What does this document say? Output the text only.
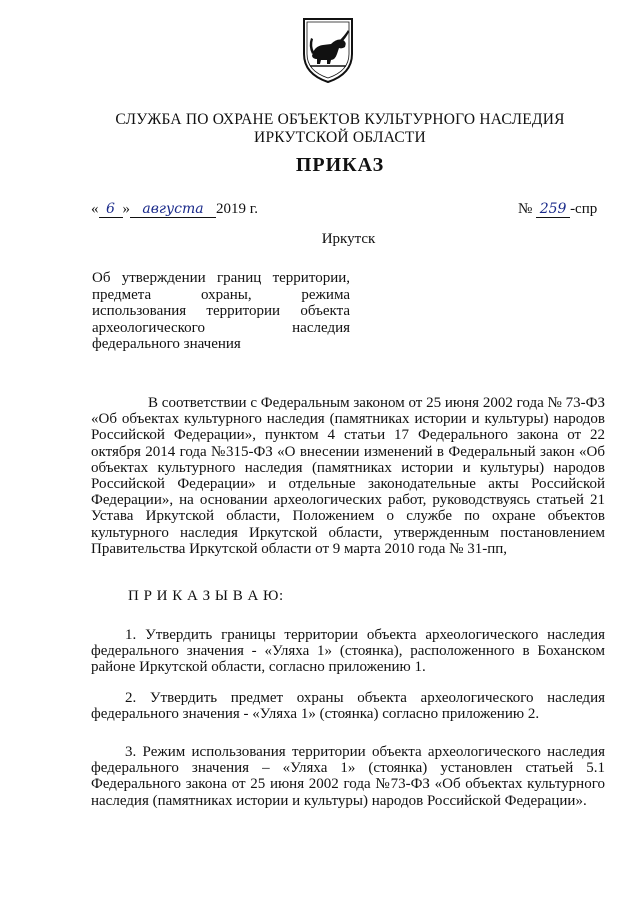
СЛУЖБА ПО ОХРАНЕ ОБЪЕКТОВ КУЛЬТУРНОГО НАСЛЕДИЯ
ИРКУТСКОЙ ОБЛАСТИ
ПРИКАЗ
« 6 » августа 2019 г.	№ 259 -спр
Иркутск
Об утверждении границ территории,
предмета охраны, режима
использования территории объекта
археологического наследия
федерального значения
В соответствии с Федеральным законом от 25 июня 2002 года № 73-ФЗ
«Об объектах культурного наследия (памятниках истории и культуры) народов
Российской Федерации», пунктом 4 статьи 17 Федерального закона от 22
октября 2014 года №315-ФЗ «О внесении изменений в Федеральный закон «Об
объектах культурного наследия (памятниках истории и культуры) народов
Российской Федерации» и отдельные законодательные акты Российской
Федерации», на основании археологических работ, руководствуясь статьей 21
Устава Иркутской области, Положением о службе по охране объектов
культурного наследия Иркутской области, утвержденным постановлением
Правительства Иркутской области от 9 марта 2010 года № 31-пп,
П Р И К А З Ы В А Ю:
1. Утвердить границы территории объекта археологического наследия
федерального значения - «Уляха 1» (стоянка), расположенного в Боханском
районе Иркутской области, согласно приложению 1.
2. Утвердить предмет охраны объекта археологического наследия
федерального значения - «Уляха 1» (стоянка) согласно приложению 2.
3. Режим использования территории объекта археологического наследия
федерального значения – «Уляха 1» (стоянка) установлен статьей 5.1
Федерального закона от 25 июня 2002 года №73-ФЗ «Об объектах культурного
наследия (памятниках истории и культуры) народов Российской Федерации».
